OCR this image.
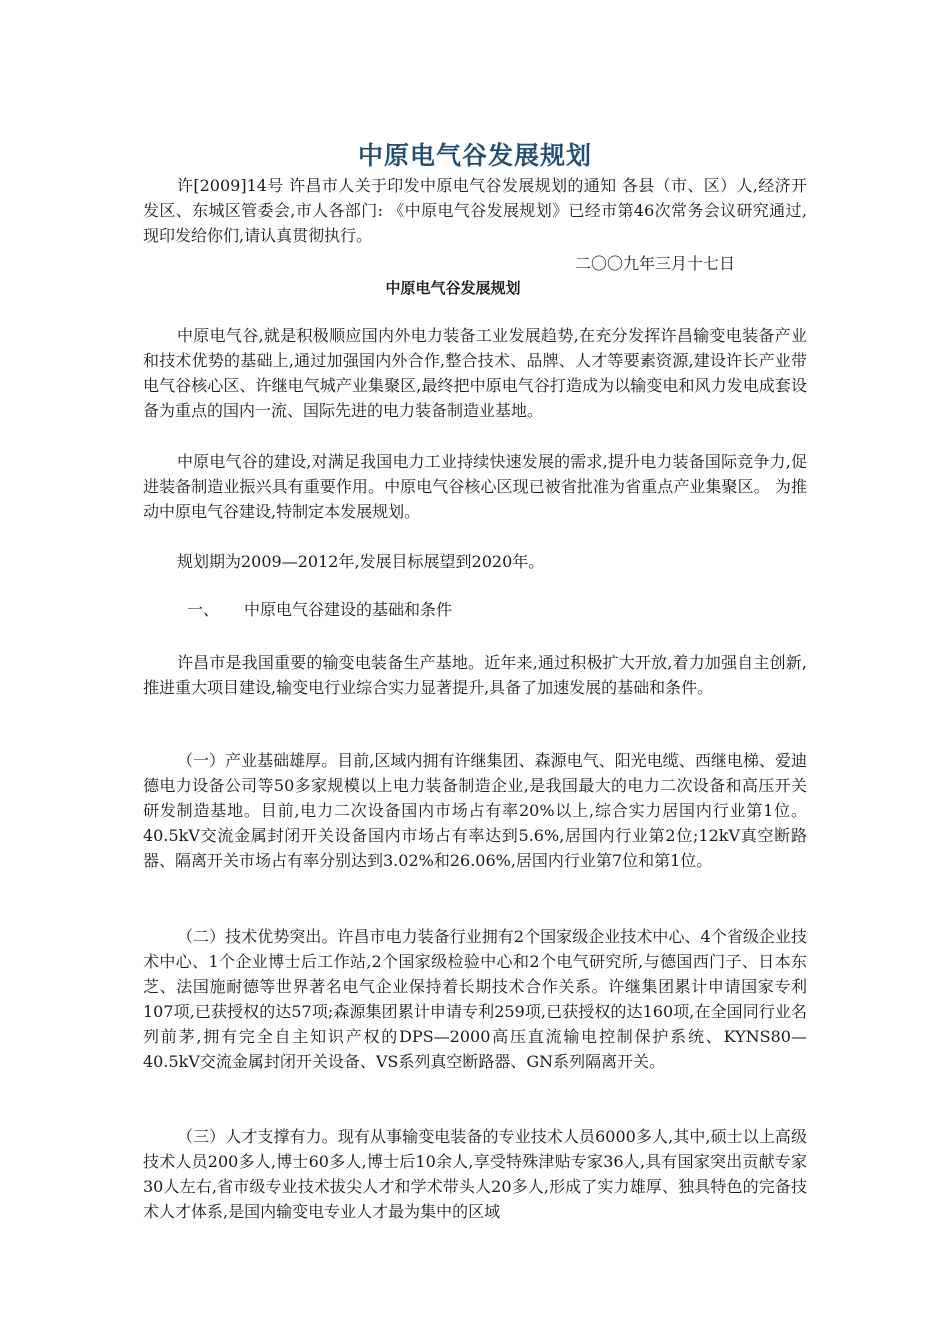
中原电气谷发展规划

许[2009]14号 许昌市人关于印发中原电气谷发展规划的通知 各县（市、区）人,经济开发区、东城区管委会,市人各部门: 《中原电气谷发展规划》已经市第46次常务会议研究通过,现印发给你们,请认真贯彻执行。

二〇〇九年三月十七日

中原电气谷发展规划

中原电气谷,就是积极顺应国内外电力装备工业发展趋势,在充分发挥许昌输变电装备产业和技术优势的基础上,通过加强国内外合作,整合技术、品牌、人才等要素资源,建设许长产业带电气谷核心区、许继电气城产业集聚区,最终把中原电气谷打造成为以输变电和风力发电成套设备为重点的国内一流、国际先进的电力装备制造业基地。

中原电气谷的建设,对满足我国电力工业持续快速发展的需求,提升电力装备国际竞争力,促进装备制造业振兴具有重要作用。中原电气谷核心区现已被省批准为省重点产业集聚区。 为推动中原电气谷建设,特制定本发展规划。

规划期为2009—2012年,发展目标展望到2020年。

一、 中原电气谷建设的基础和条件

许昌市是我国重要的输变电装备生产基地。近年来,通过积极扩大开放,着力加强自主创新,推进重大项目建设,输变电行业综合实力显著提升,具备了加速发展的基础和条件。

（一）产业基础雄厚。目前,区域内拥有许继集团、森源电气、阳光电缆、西继电梯、爱迪德电力设备公司等50多家规模以上电力装备制造企业,是我国最大的电力二次设备和高压开关研发制造基地。目前,电力二次设备国内市场占有率20%以上,综合实力居国内行业第1位。40.5kV交流金属封闭开关设备国内市场占有率达到5.6%,居国内行业第2位;12kV真空断路器、隔离开关市场占有率分别达到3.02%和26.06%,居国内行业第7位和第1位。

（二）技术优势突出。许昌市电力装备行业拥有2个国家级企业技术中心、4个省级企业技术中心、1个企业博士后工作站,2个国家级检验中心和2个电气研究所,与德国西门子、日本东芝、法国施耐德等世界著名电气企业保持着长期技术合作关系。许继集团累计申请国家专利107项,已获授权的达57项;森源集团累计申请专利259项,已获授权的达160项,在全国同行业名列前茅,拥有完全自主知识产权的DPS—2000高压直流输电控制保护系统、KYNS80—40.5kV交流金属封闭开关设备、VS系列真空断路器、GN系列隔离开关。

（三）人才支撑有力。现有从事输变电装备的专业技术人员6000多人,其中,硕士以上高级技术人员200多人,博士60多人,博士后10余人,享受特殊津贴专家36人,具有国家突出贡献专家30人左右,省市级专业技术拔尖人才和学术带头人20多人,形成了实力雄厚、独具特色的完备技术人才体系,是国内输变电专业人才最为集中的区域
